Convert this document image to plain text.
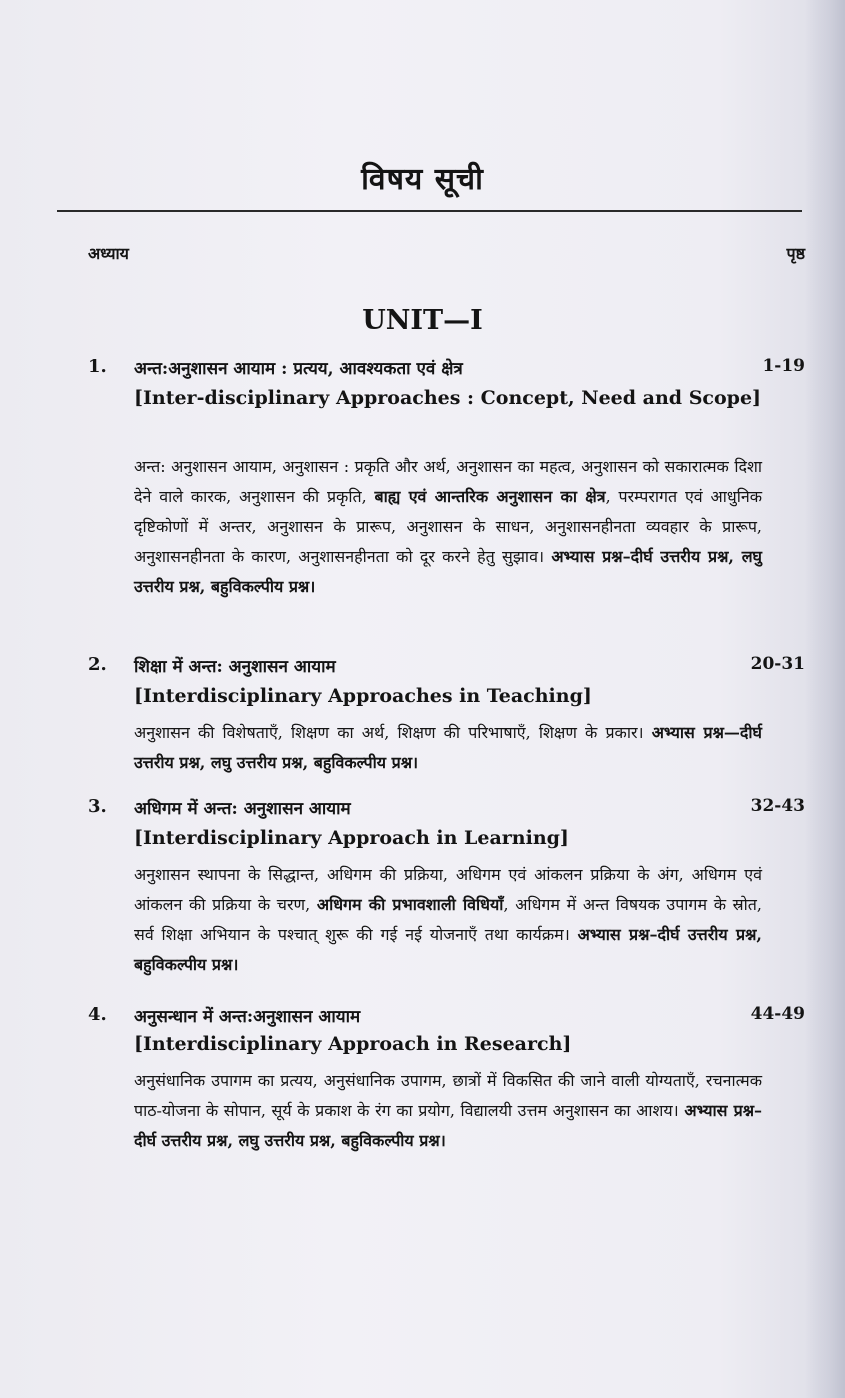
विषय सूची
अध्याय	पृष्ठ
UNIT—I
1. अन्त:अनुशासन आयाम : प्रत्यय, आवश्यकता एवं क्षेत्र	1-19
[Inter-disciplinary Approaches : Concept, Need and Scope]
अन्त: अनुशासन आयाम, अनुशासन : प्रकृति और अर्थ, अनुशासन का महत्व, अनुशासन को सकारात्मक दिशा देने वाले कारक, अनुशासन की प्रकृति, बाह्य एवं आन्तरिक अनुशासन का क्षेत्र, परम्परागत एवं आधुनिक दृष्टिकोणों में अन्तर, अनुशासन के प्रारूप, अनुशासन के साधन, अनुशासनहीनता व्यवहार के प्रारूप, अनुशासनहीनता के कारण, अनुशासनहीनता को दूर करने हेतु सुझाव। अभ्यास प्रश्न–दीर्घ उत्तरीय प्रश्न, लघु उत्तरीय प्रश्न, बहुविकल्पीय प्रश्न।
2. शिक्षा में अन्त: अनुशासन आयाम	20-31
[Interdisciplinary Approaches in Teaching]
अनुशासन की विशेषताएँ, शिक्षण का अर्थ, शिक्षण की परिभाषाएँ, शिक्षण के प्रकार। अभ्यास प्रश्न—दीर्घ उत्तरीय प्रश्न, लघु उत्तरीय प्रश्न, बहुविकल्पीय प्रश्न।
3. अधिगम में अन्त: अनुशासन आयाम	32-43
[Interdisciplinary Approach in Learning]
अनुशासन स्थापना के सिद्धान्त, अधिगम की प्रक्रिया, अधिगम एवं आंकलन प्रक्रिया के अंग, अधिगम एवं आंकलन की प्रक्रिया के चरण, अधिगम की प्रभावशाली विधियाँ, अधिगम में अन्त विषयक उपागम के स्रोत, सर्व शिक्षा अभियान के पश्चात् शुरू की गई नई योजनाएँ तथा कार्यक्रम। अभ्यास प्रश्न–दीर्घ उत्तरीय प्रश्न, बहुविकल्पीय प्रश्न।
4. अनुसन्धान में अन्त:अनुशासन आयाम	44-49
[Interdisciplinary Approach in Research]
अनुसंधानिक उपागम का प्रत्यय, अनुसंधानिक उपागम, छात्रों में विकसित की जाने वाली योग्यताएँ, रचनात्मक पाठ-योजना के सोपान, सूर्य के प्रकाश के रंग का प्रयोग, विद्यालयी उत्तम अनुशासन का आशय। अभ्यास प्रश्न–दीर्घ उत्तरीय प्रश्न, लघु उत्तरीय प्रश्न, बहुविकल्पीय प्रश्न।
